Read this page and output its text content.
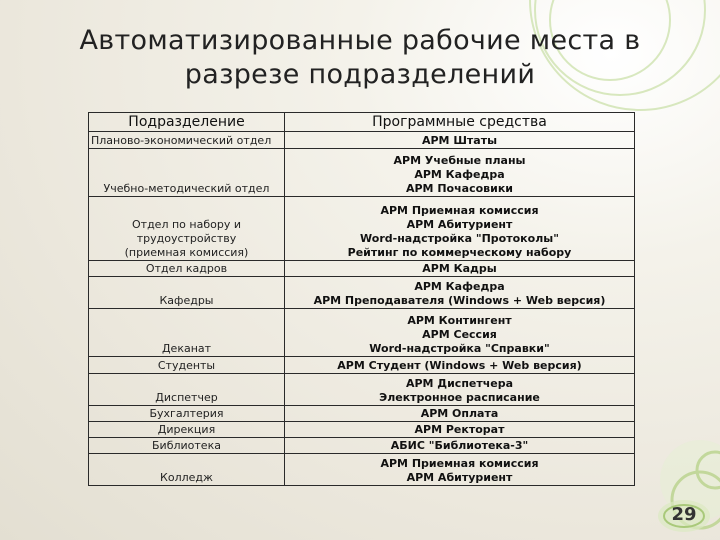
Автоматизированные рабочие места в
разрезе подразделений
Подразделение	Программные средства

Планово-экономический отдел	АРМ Штаты

Учебно-методический отдел	АРМ Учебные планы
АРМ Кафедра
АРМ Почасовики

Отдел по набору и
трудоустройству
(приемная комиссия)	АРМ Приемная комиссия
АРМ Абитуриент
Word-надстройка "Протоколы"
Рейтинг по коммерческому набору

Отдел кадров	АРМ Кадры

Кафедры	АРМ Кафедра
АРМ Преподавателя (Windows + Web версия)

Деканат	АРМ Контингент
АРМ Сессия
Word-надстройка "Справки"

Студенты	АРМ Студент (Windows + Web версия)

Диспетчер	АРМ Диспетчера
Электронное расписание

Бухгалтерия	АРМ Оплата

Дирекция	АРМ Ректорат

Библиотека	АБИС "Библиотека-3"

Колледж	АРМ Приемная комиссия
АРМ Абитуриент
29
